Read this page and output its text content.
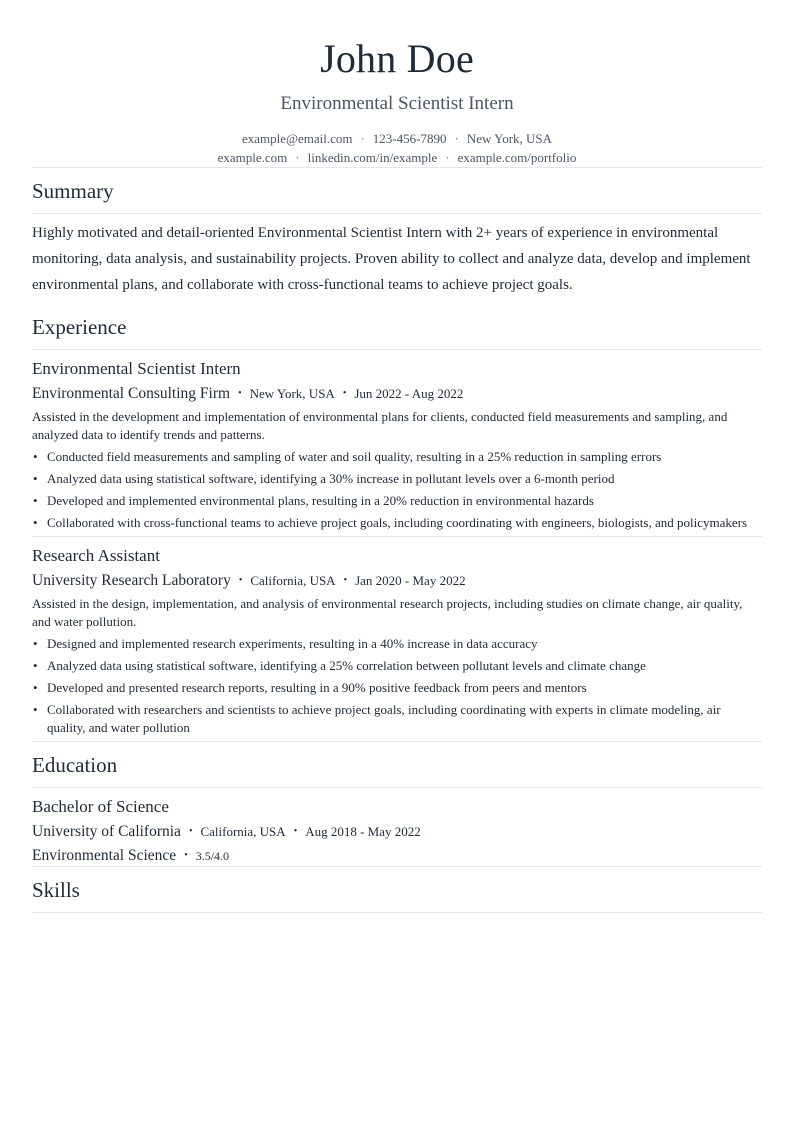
John Doe
Environmental Scientist Intern
example@email.com · 123-456-7890 · New York, USA
example.com · linkedin.com/in/example · example.com/portfolio
Summary

Highly motivated and detail-oriented Environmental Scientist Intern with 2+ years of experience in environmental monitoring, data analysis, and sustainability projects. Proven ability to collect and analyze data, develop and implement environmental plans, and collaborate with cross-functional teams to achieve project goals.

Experience
Environmental Scientist Intern
Environmental Consulting Firm • New York, USA • Jun 2022 - Aug 2022

Assisted in the development and implementation of environmental plans for clients, conducted field measurements and sampling, and analyzed data to identify trends and patterns.

• Conducted field measurements and sampling of water and soil quality, resulting in a 25% reduction in sampling errors
• Analyzed data using statistical software, identifying a 30% increase in pollutant levels over a 6-month period
• Developed and implemented environmental plans, resulting in a 20% reduction in environmental hazards
• Collaborated with cross-functional teams to achieve project goals, including coordinating with engineers, biologists, and policymakers
Research Assistant
University Research Laboratory • California, USA • Jan 2020 - May 2022

Assisted in the design, implementation, and analysis of environmental research projects, including studies on climate change, air quality, and water pollution.

• Designed and implemented research experiments, resulting in a 40% increase in data accuracy
• Analyzed data using statistical software, identifying a 25% correlation between pollutant levels and climate change
• Developed and presented research reports, resulting in a 90% positive feedback from peers and mentors
• Collaborated with researchers and scientists to achieve project goals, including coordinating with experts in climate modeling, air quality, and water pollution
Education
Bachelor of Science
University of California • California, USA • Aug 2018 - May 2022
Environmental Science • 3.5/4.0
Skills
